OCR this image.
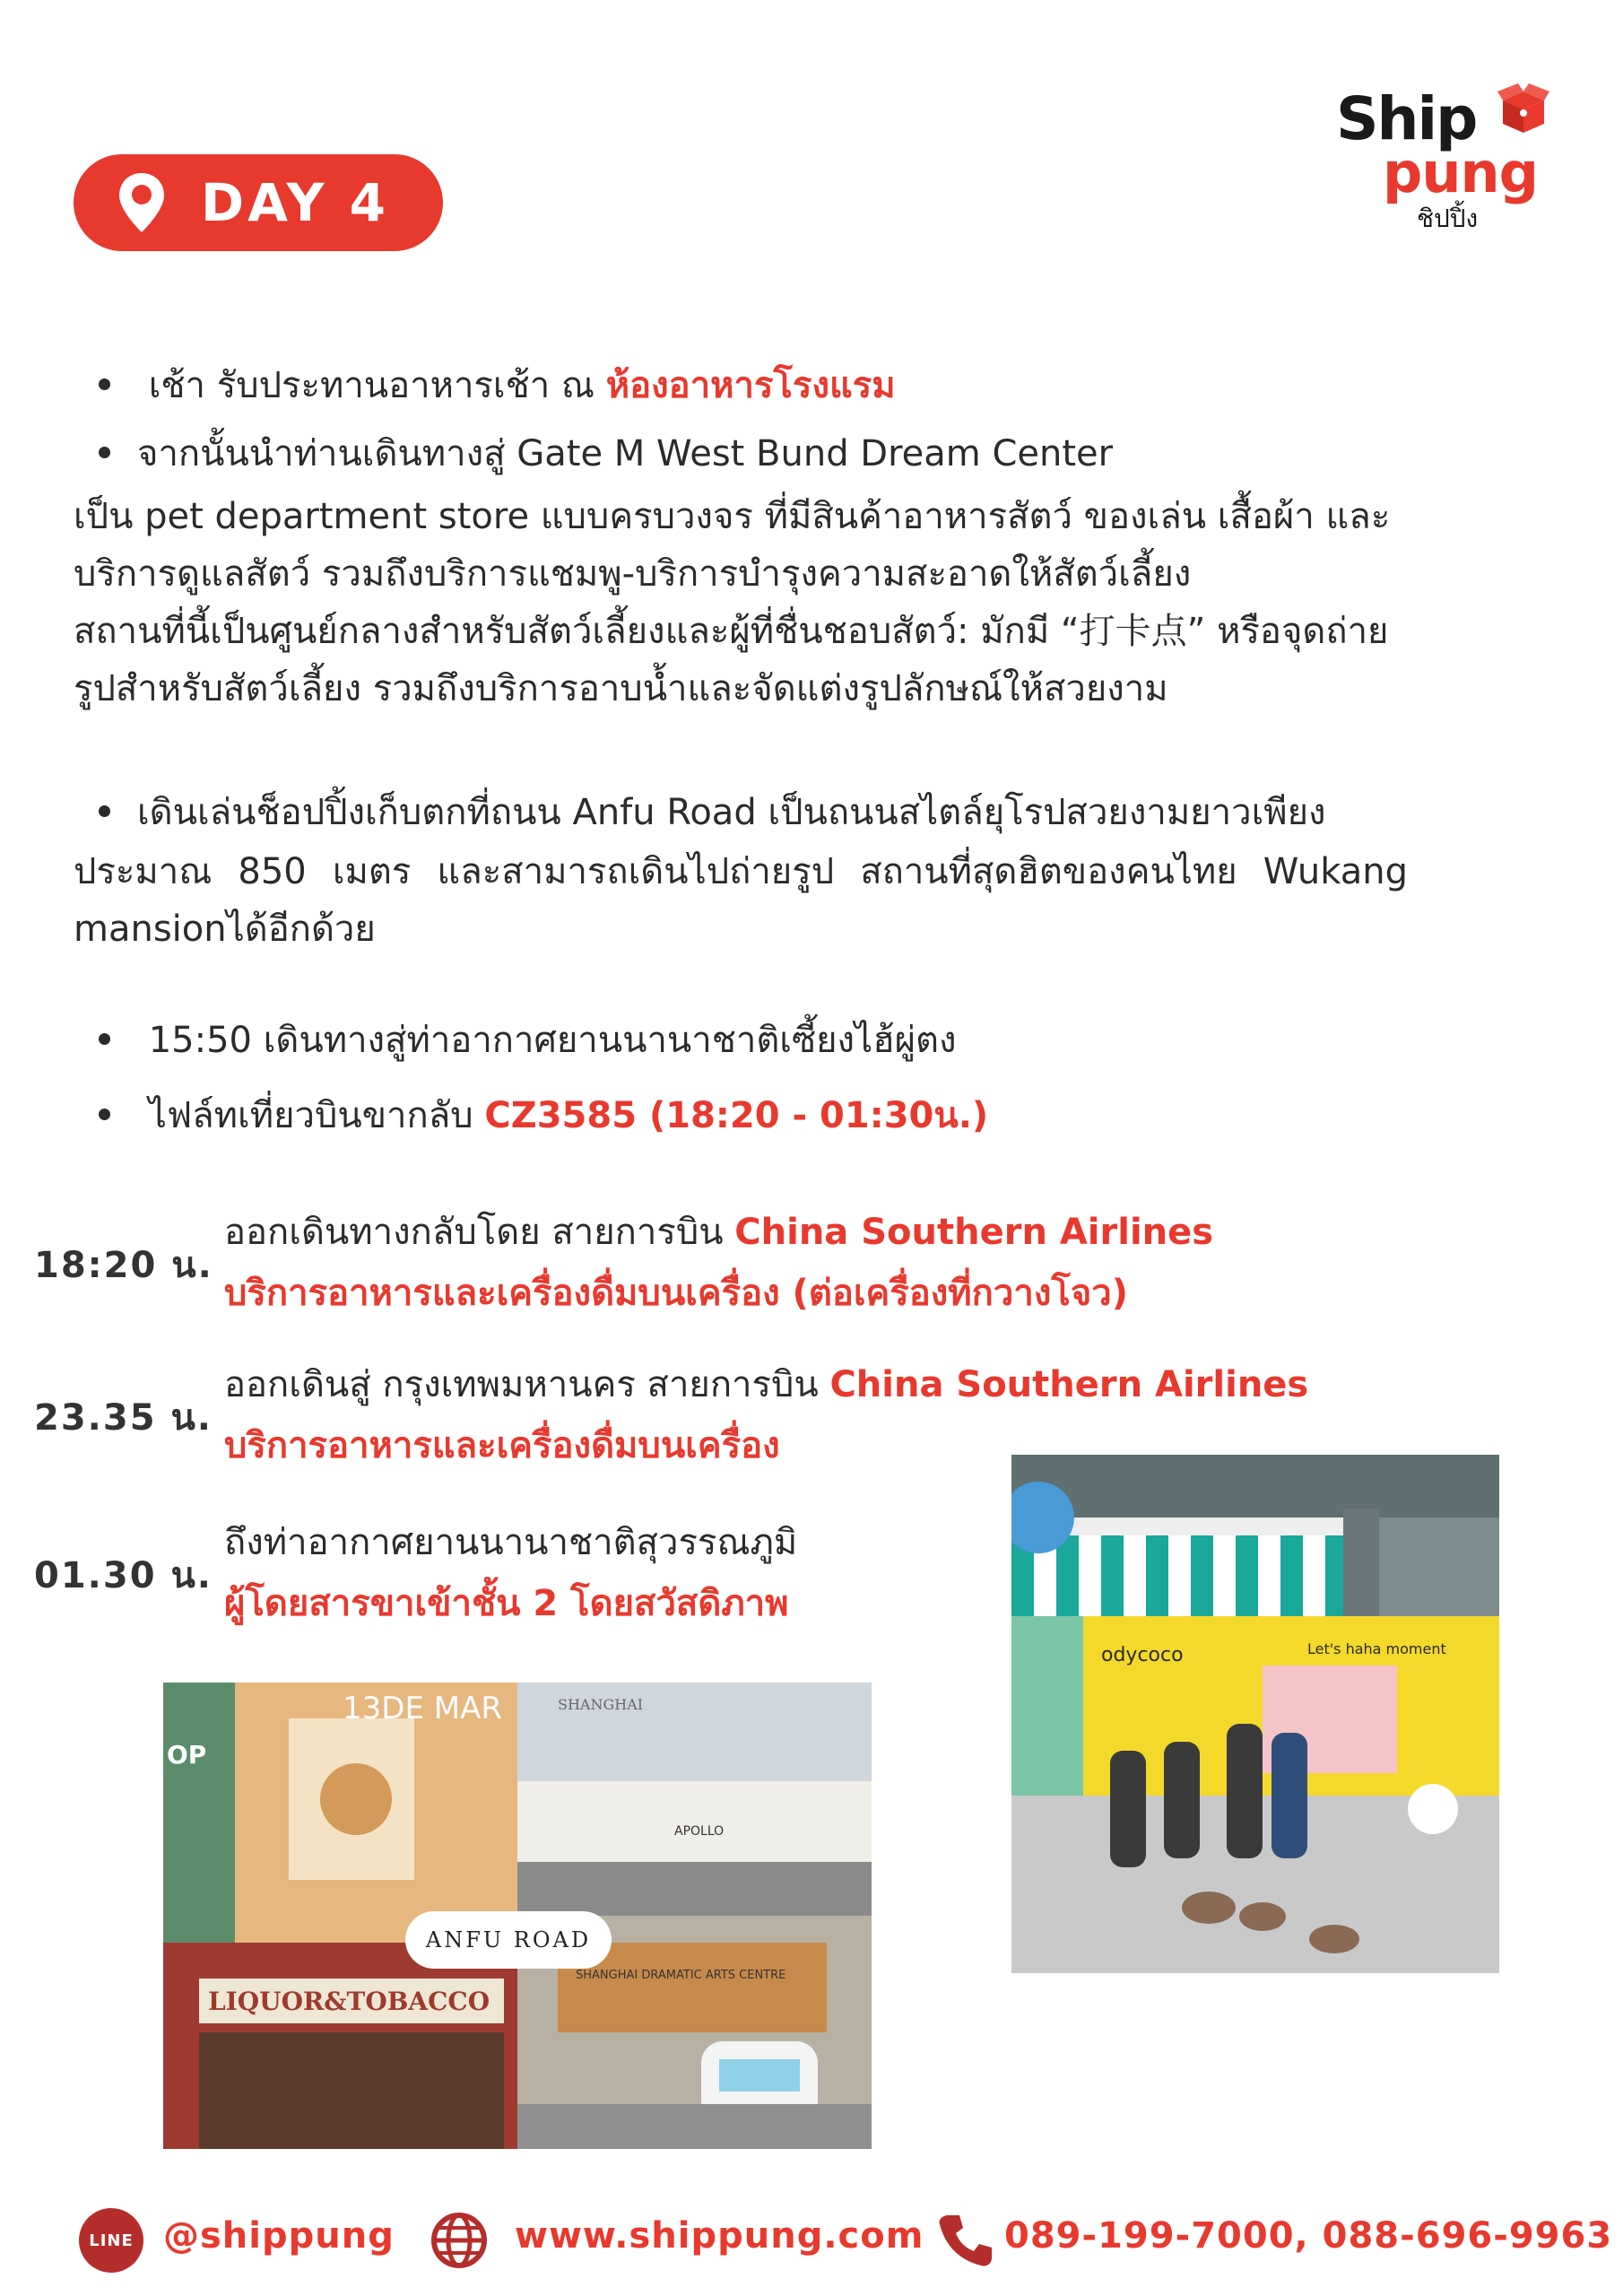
DAY 4
Ship
pung
ชิปปิ้ง
เช้า รับประทานอาหารเช้า ณ ห้องอาหารโรงแรม
จากนั้นนำท่านเดินทางสู่ Gate M West Bund Dream Center
เป็น pet department store แบบครบวงจร ที่มีสินค้าอาหารสัตว์ ของเล่น เสื้อผ้า และ
บริการดูแลสัตว์ รวมถึงบริการแชมพู-บริการบำรุงความสะอาดให้สัตว์เลี้ยง
สถานที่นี้เป็นศูนย์กลางสำหรับสัตว์เลี้ยงและผู้ที่ชื่นชอบสัตว์: มักมี “打卡点” หรือจุดถ่าย
รูปสำหรับสัตว์เลี้ยง รวมถึงบริการอาบน้ำและจัดแต่งรูปลักษณ์ให้สวยงาม
เดินเล่นช็อปปิ้งเก็บตกที่ถนน Anfu Road เป็นถนนสไตล์ยุโรปสวยงามยาวเพียง
ประมาณ 850 เมตร และสามารถเดินไปถ่ายรูป สถานที่สุดฮิตของคนไทย Wukang
mansionได้อีกด้วย
15:50 เดินทางสู่ท่าอากาศยานนานาชาติเซี้ยงไฮ้ผู่ตง
ไฟล์ทเที่ยวบินขากลับ CZ3585 (18:20 - 01:30น.)
18:20 น.
ออกเดินทางกลับโดย สายการบิน China Southern Airlines
บริการอาหารและเครื่องดื่มบนเครื่อง (ต่อเครื่องที่กวางโจว)
23.35 น.
ออกเดินสู่ กรุงเทพมหานคร สายการบิน China Southern Airlines
บริการอาหารและเครื่องดื่มบนเครื่อง
01.30 น.
ถึงท่าอากาศยานนานาชาติสุวรรณภูมิ
ผู้โดยสารขาเข้าชั้น 2 โดยสวัสดิภาพ
odycoco	Let's haha moment
13DE MAR
OP
SHANGHAI
APOLLO
LIQUOR&TOBACCO
SHANGHAI DRAMATIC ARTS CENTRE
ANFU ROAD
LINE @shippung	www.shippung.com 089-199-7000, 088-696-9963
